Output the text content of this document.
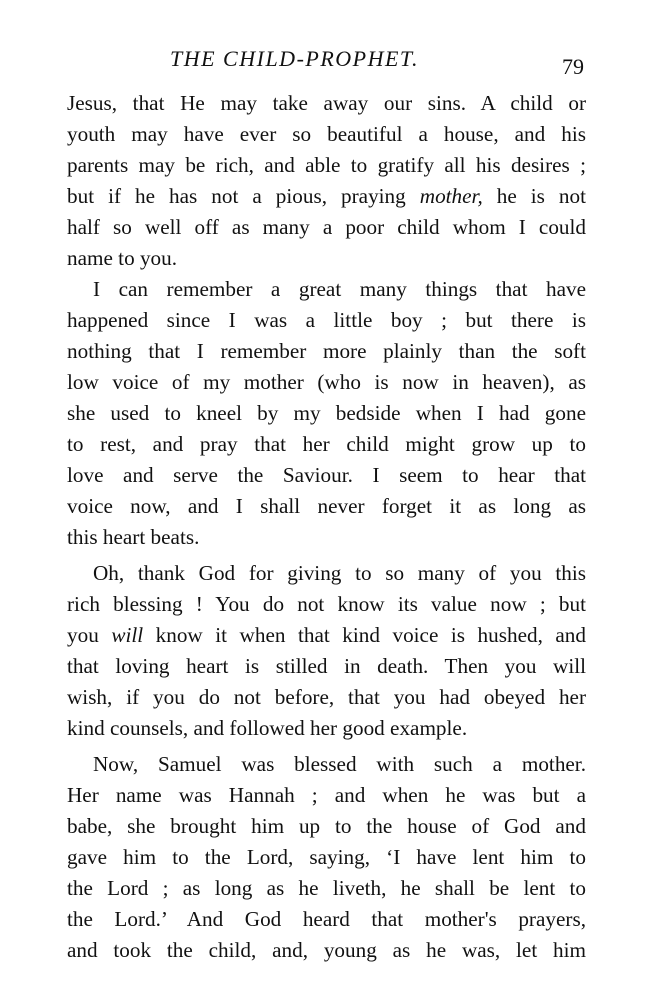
THE CHILD-PROPHET.	79
Jesus, that He may take away our sins. A child or
youth may have ever so beautiful a house, and his
parents may be rich, and able to gratify all his desires ;
but if he has not a pious, praying mother, he is not
half so well off as many a poor child whom I could
name to you.
I can remember a great many things that have
happened since I was a little boy ; but there is
nothing that I remember more plainly than the soft
low voice of my mother (who is now in heaven), as
she used to kneel by my bedside when I had gone
to rest, and pray that her child might grow up to
love and serve the Saviour. I seem to hear that
voice now, and I shall never forget it as long as
this heart beats.
Oh, thank God for giving to so many of you this
rich blessing ! You do not know its value now ; but
you will know it when that kind voice is hushed, and
that loving heart is stilled in death. Then you will
wish, if you do not before, that you had obeyed her
kind counsels, and followed her good example.
Now, Samuel was blessed with such a mother.
Her name was Hannah ; and when he was but a
babe, she brought him up to the house of God and
gave him to the Lord, saying, ‘I have lent him to
the Lord ; as long as he liveth, he shall be lent to
the Lord.’ And God heard that mother's prayers,
and took the child, and, young as he was, let him
